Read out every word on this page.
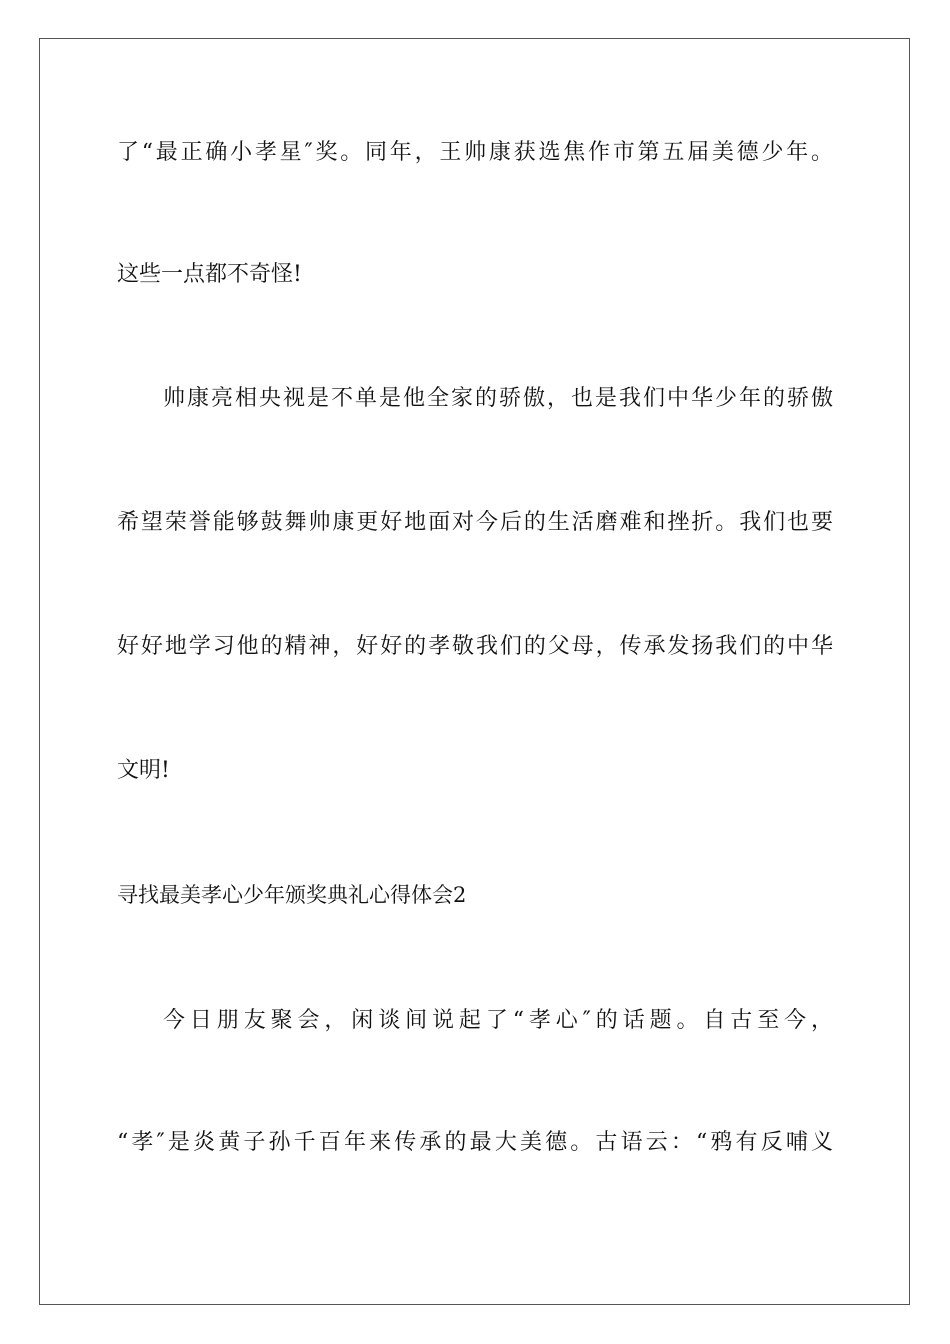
了“最正确小孝星″奖。同年，王帅康获选焦作市第五届美德少年。
这些一点都不奇怪!
帅康亮相央视是不单是他全家的骄傲，也是我们中华少年的骄傲
希望荣誉能够鼓舞帅康更好地面对今后的生活磨难和挫折。我们也要
好好地学习他的精神，好好的孝敬我们的父母，传承发扬我们的中华
文明!
寻找最美孝心少年颁奖典礼心得体会2
今日朋友聚会，闲谈间说起了“孝心″的话题。自古至今，
“孝″是炎黄子孙千百年来传承的最大美德。古语云：“鸦有反哺义
